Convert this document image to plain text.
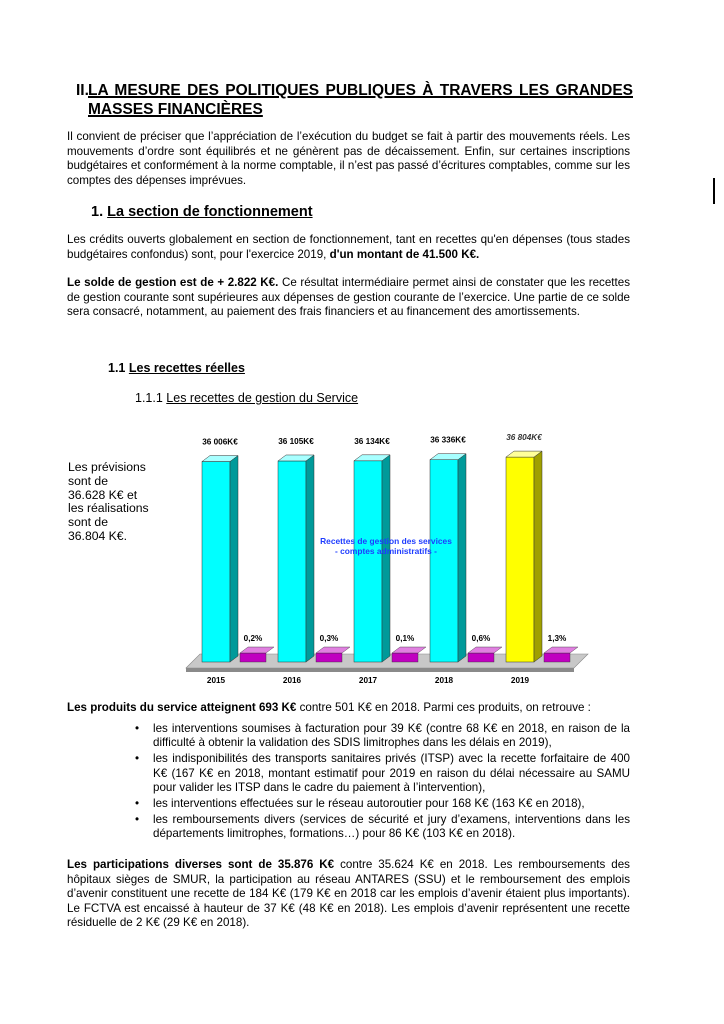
II. LA MESURE DES POLITIQUES PUBLIQUES À TRAVERS LES GRANDES MASSES FINANCIÈRES

Il convient de préciser que l’appréciation de l’exécution du budget se fait à partir des mouvements réels. Les mouvements d’ordre sont équilibrés et ne génèrent pas de décaissement. Enfin, sur certaines inscriptions budgétaires et conformément à la norme comptable, il n’est pas passé d’écritures comptables, comme sur les comptes des dépenses imprévues.

1. La section de fonctionnement

Les crédits ouverts globalement en section de fonctionnement, tant en recettes qu'en dépenses (tous stades budgétaires confondus) sont, pour l'exercice 2019, d'un montant de 41.500 K€.

Le solde de gestion est de + 2.822 K€. Ce résultat intermédiaire permet ainsi de constater que les recettes de gestion courante sont supérieures aux dépenses de gestion courante de l’exercice. Une partie de ce solde sera consacré, notamment, au paiement des frais financiers et au financement des amortissements.

1.1 Les recettes réelles
1.1.1 Les recettes de gestion du Service
Les prévisions
sont de
36.628 K€ et
les réalisations
sont de
36.804 K€.
36 006K€
0,2%
2015
36 105K€
0,3%
2016
36 134K€
0,1%
2017
36 336K€
0,6%
2018
36 804K€
1,3%
2019
Recettes de gestion des services
- comptes administratifs -

Les produits du service atteignent 693 K€ contre 501 K€ en 2018. Parmi ces produits, on retrouve :

• les interventions soumises à facturation pour 39 K€ (contre 68 K€ en 2018, en raison de la difficulté à obtenir la validation des SDIS limitrophes dans les délais en 2019),
• les indisponibilités des transports sanitaires privés (ITSP) avec la recette forfaitaire de 400 K€ (167 K€ en 2018, montant estimatif pour 2019 en raison du délai nécessaire au SAMU pour valider les ITSP dans le cadre du paiement à l’intervention),
• les interventions effectuées sur le réseau autoroutier pour 168 K€ (163 K€ en 2018),
• les remboursements divers (services de sécurité et jury d’examens, interventions dans les départements limitrophes, formations…) pour 86 K€ (103 K€ en 2018).

Les participations diverses sont de 35.876 K€ contre 35.624 K€ en 2018. Les remboursements des hôpitaux sièges de SMUR, la participation au réseau ANTARES (SSU) et le remboursement des emplois d’avenir constituent une recette de 184 K€ (179 K€ en 2018 car les emplois d’avenir étaient plus importants). Le FCTVA est encaissé à hauteur de 37 K€ (48 K€ en 2018). Les emplois d’avenir représentent une recette résiduelle de 2 K€ (29 K€ en 2018).
